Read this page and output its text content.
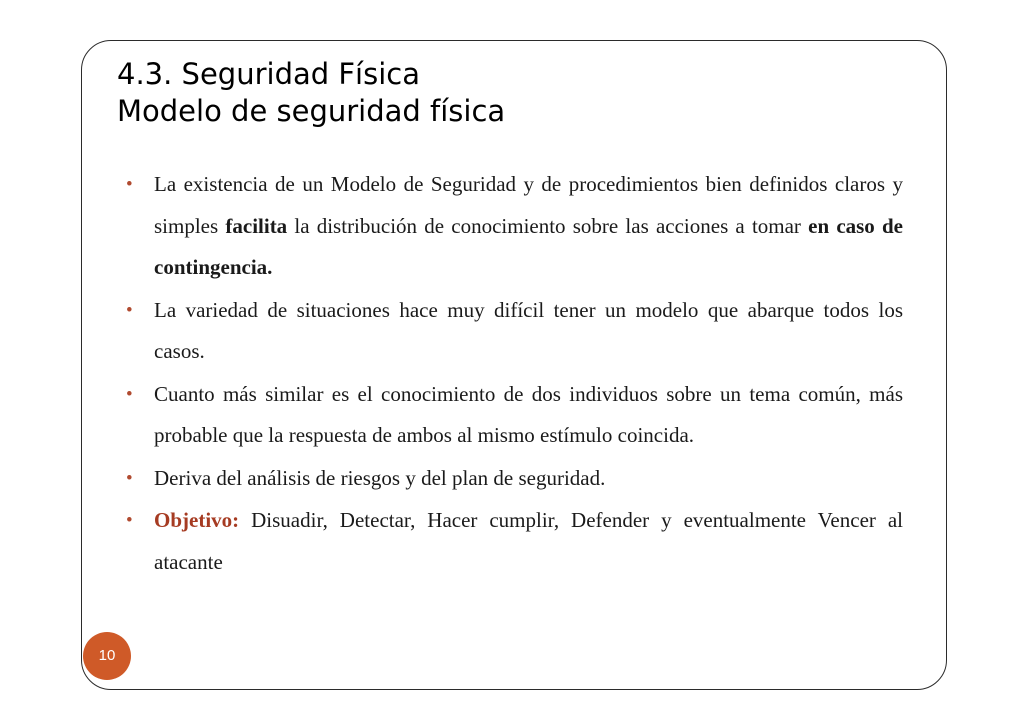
4.3. Seguridad Física
Modelo de seguridad física
•	La existencia de un Modelo de Seguridad y de procedimientos bien definidos claros y simples facilita la distribución de conocimiento sobre las acciones a tomar en caso de contingencia.
•	La variedad de situaciones hace muy difícil tener un modelo que abarque todos los casos.
•	Cuanto más similar es el conocimiento de dos individuos sobre un tema común, más probable que la respuesta de ambos al mismo estímulo coincida.
•	Deriva del análisis de riesgos y del plan de seguridad.
•	Objetivo: Disuadir, Detectar, Hacer cumplir, Defender y eventualmente Vencer al atacante
10
